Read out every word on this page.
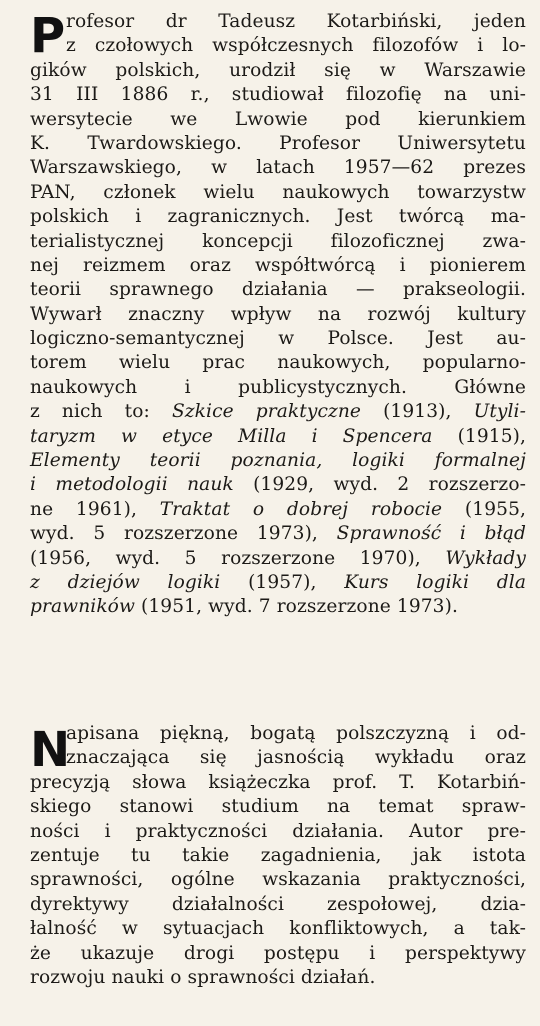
P rofesor dr Tadeusz Kotarbiński, jeden
z czołowych współczesnych filozofów i lo-
gików polskich, urodził się w Warszawie
31 III 1886 r., studiował filozofię na uni-
wersytecie we Lwowie pod kierunkiem
K. Twardowskiego. Profesor Uniwersytetu
Warszawskiego, w latach 1957—62 prezes
PAN, członek wielu naukowych towarzystw
polskich i zagranicznych. Jest twórcą ma-
terialistycznej koncepcji filozoficznej zwa-
nej reizmem oraz współtwórcą i pionierem
teorii sprawnego działania — prakseologii.
Wywarł znaczny wpływ na rozwój kultury
logiczno-semantycznej w Polsce. Jest au-
torem wielu prac naukowych, popularno-
naukowych i publicystycznych. Główne
z nich to: Szkice praktyczne (1913), Utyli-
taryzm w etyce Milla i Spencera (1915),
Elementy teorii poznania, logiki formalnej
i metodologii nauk (1929, wyd. 2 rozszerzo-
ne 1961), Traktat o dobrej robocie (1955,
wyd. 5 rozszerzone 1973), Sprawność i błąd
(1956, wyd. 5 rozszerzone 1970), Wykłady
z dziejów logiki (1957), Kurs logiki dla
prawników (1951, wyd. 7 rozszerzone 1973).
N
apisana piękną, bogatą polszczyzną i od-
znaczająca się jasnością wykładu oraz
precyzją słowa książeczka prof. T. Kotarbiń-
skiego stanowi studium na temat spraw-
ności i praktyczności działania. Autor pre-
zentuje tu takie zagadnienia, jak istota
sprawności, ogólne wskazania praktyczności,
dyrektywy działalności zespołowej, dzia-
łalność w sytuacjach konfliktowych, a tak-
że ukazuje drogi postępu i perspektywy
rozwoju nauki o sprawności działań.
